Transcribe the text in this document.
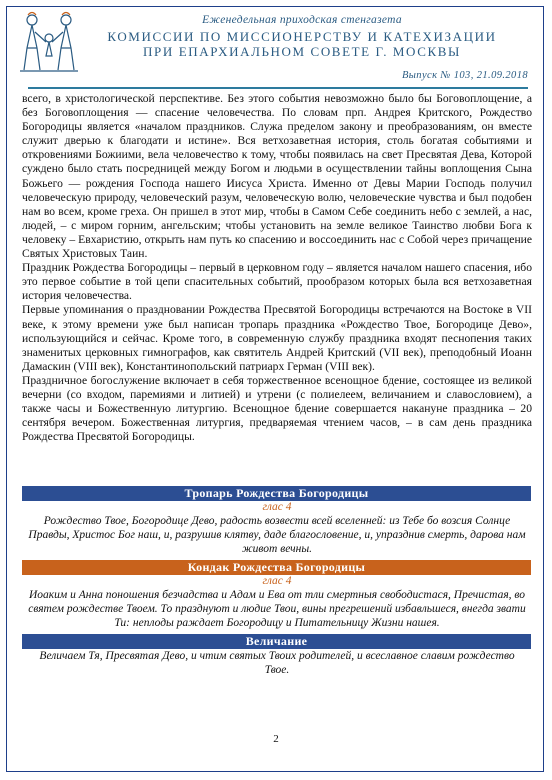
Еженедельная приходская стенгазета
КОМИССИИ ПО МИССИОНЕРСТВУ И КАТЕХИЗАЦИИ
ПРИ ЕПАРХИАЛЬНОМ СОВЕТЕ Г. МОСКВЫ
Выпуск № 103, 21.09.2018

всего, в христологической перспективе. Без этого события невозможно было бы Боговоплощение, а без Боговоплощения — спасение человечества. По словам прп. Андрея Критского, Рождество Богородицы является «началом праздников. Служа пределом закону и преобразованиям, он вместе служит дверью к благодати и истине». Вся ветхозаветная история, столь богатая событиями и откровениями Божиими, вела человечество к тому, чтобы появилась на свет Пресвятая Дева, Которой суждено было стать посредницей между Богом и людьми в осуществлении тайны воплощения Сына Божьего — рождения Господа нашего Иисуса Христа. Именно от Девы Марии Господь получил человеческую природу, человеческий разум, человеческую волю, человеческие чувства и был подобен нам во всем, кроме греха. Он пришел в этот мир, чтобы в Самом Себе соединить небо с землей, а нас, людей, – с миром горним, ангельским; чтобы установить на земле великое Таинство любви Бога к человеку – Евхаристию, открыть нам путь ко спасению и воссоединить нас с Собой через причащение Святых Христовых Таин.

Праздник Рождества Богородицы – первый в церковном году – является началом нашего спасения, ибо это первое событие в той цепи спасительных событий, прообразом которых была вся ветхозаветная история человечества.

Первые упоминания о праздновании Рождества Пресвятой Богородицы встречаются на Востоке в VII веке, к этому времени уже был написан тропарь праздника «Рождество Твое, Богородице Дево», использующийся и сейчас. Кроме того, в современную службу праздника входят песнопения таких знаменитых церковных гимнографов, как святитель Андрей Критский (VII век), преподобный Иоанн Дамаскин (VIII век), Константинопольский патриарх Герман (VIII век).

Праздничное богослужение включает в себя торжественное всенощное бдение, состоящее из великой вечерни (со входом, паремиями и литией) и утрени (с полиелеем, величанием и славословием), а также часы и Божественную литургию. Всенощное бдение совершается накануне праздника – 20 сентября вечером. Божественная литургия, предваряемая чтением часов, – в сам день праздника Рождества Пресвятой Богородицы.

Тропарь Рождества Богородицы
глас 4
Рождество Твое, Богородице Дево, радость возвести всей вселенней: из Тебе бо возсия Солнце Правды, Христос Бог наш, и, разрушив клятву, даде благословение, и, упразднив смерть, дарова нам живот вечны.
Кондак Рождества Богородицы
глас 4
Иоаким и Анна поношения безчадства и Адам и Ева от тли смертныя свободистася, Пречистая, во святем рождестве Твоем. То празднуют и людие Твои, вины прегрешений избавльшеся, внегда звати Ти: неплоды раждает Богородицу и Питательницу Жизни нашея.
Величание
Величаем Тя, Пресвятая Дево, и чтим святых Твоих родителей, и всеславное славим рождество Твое.
2
